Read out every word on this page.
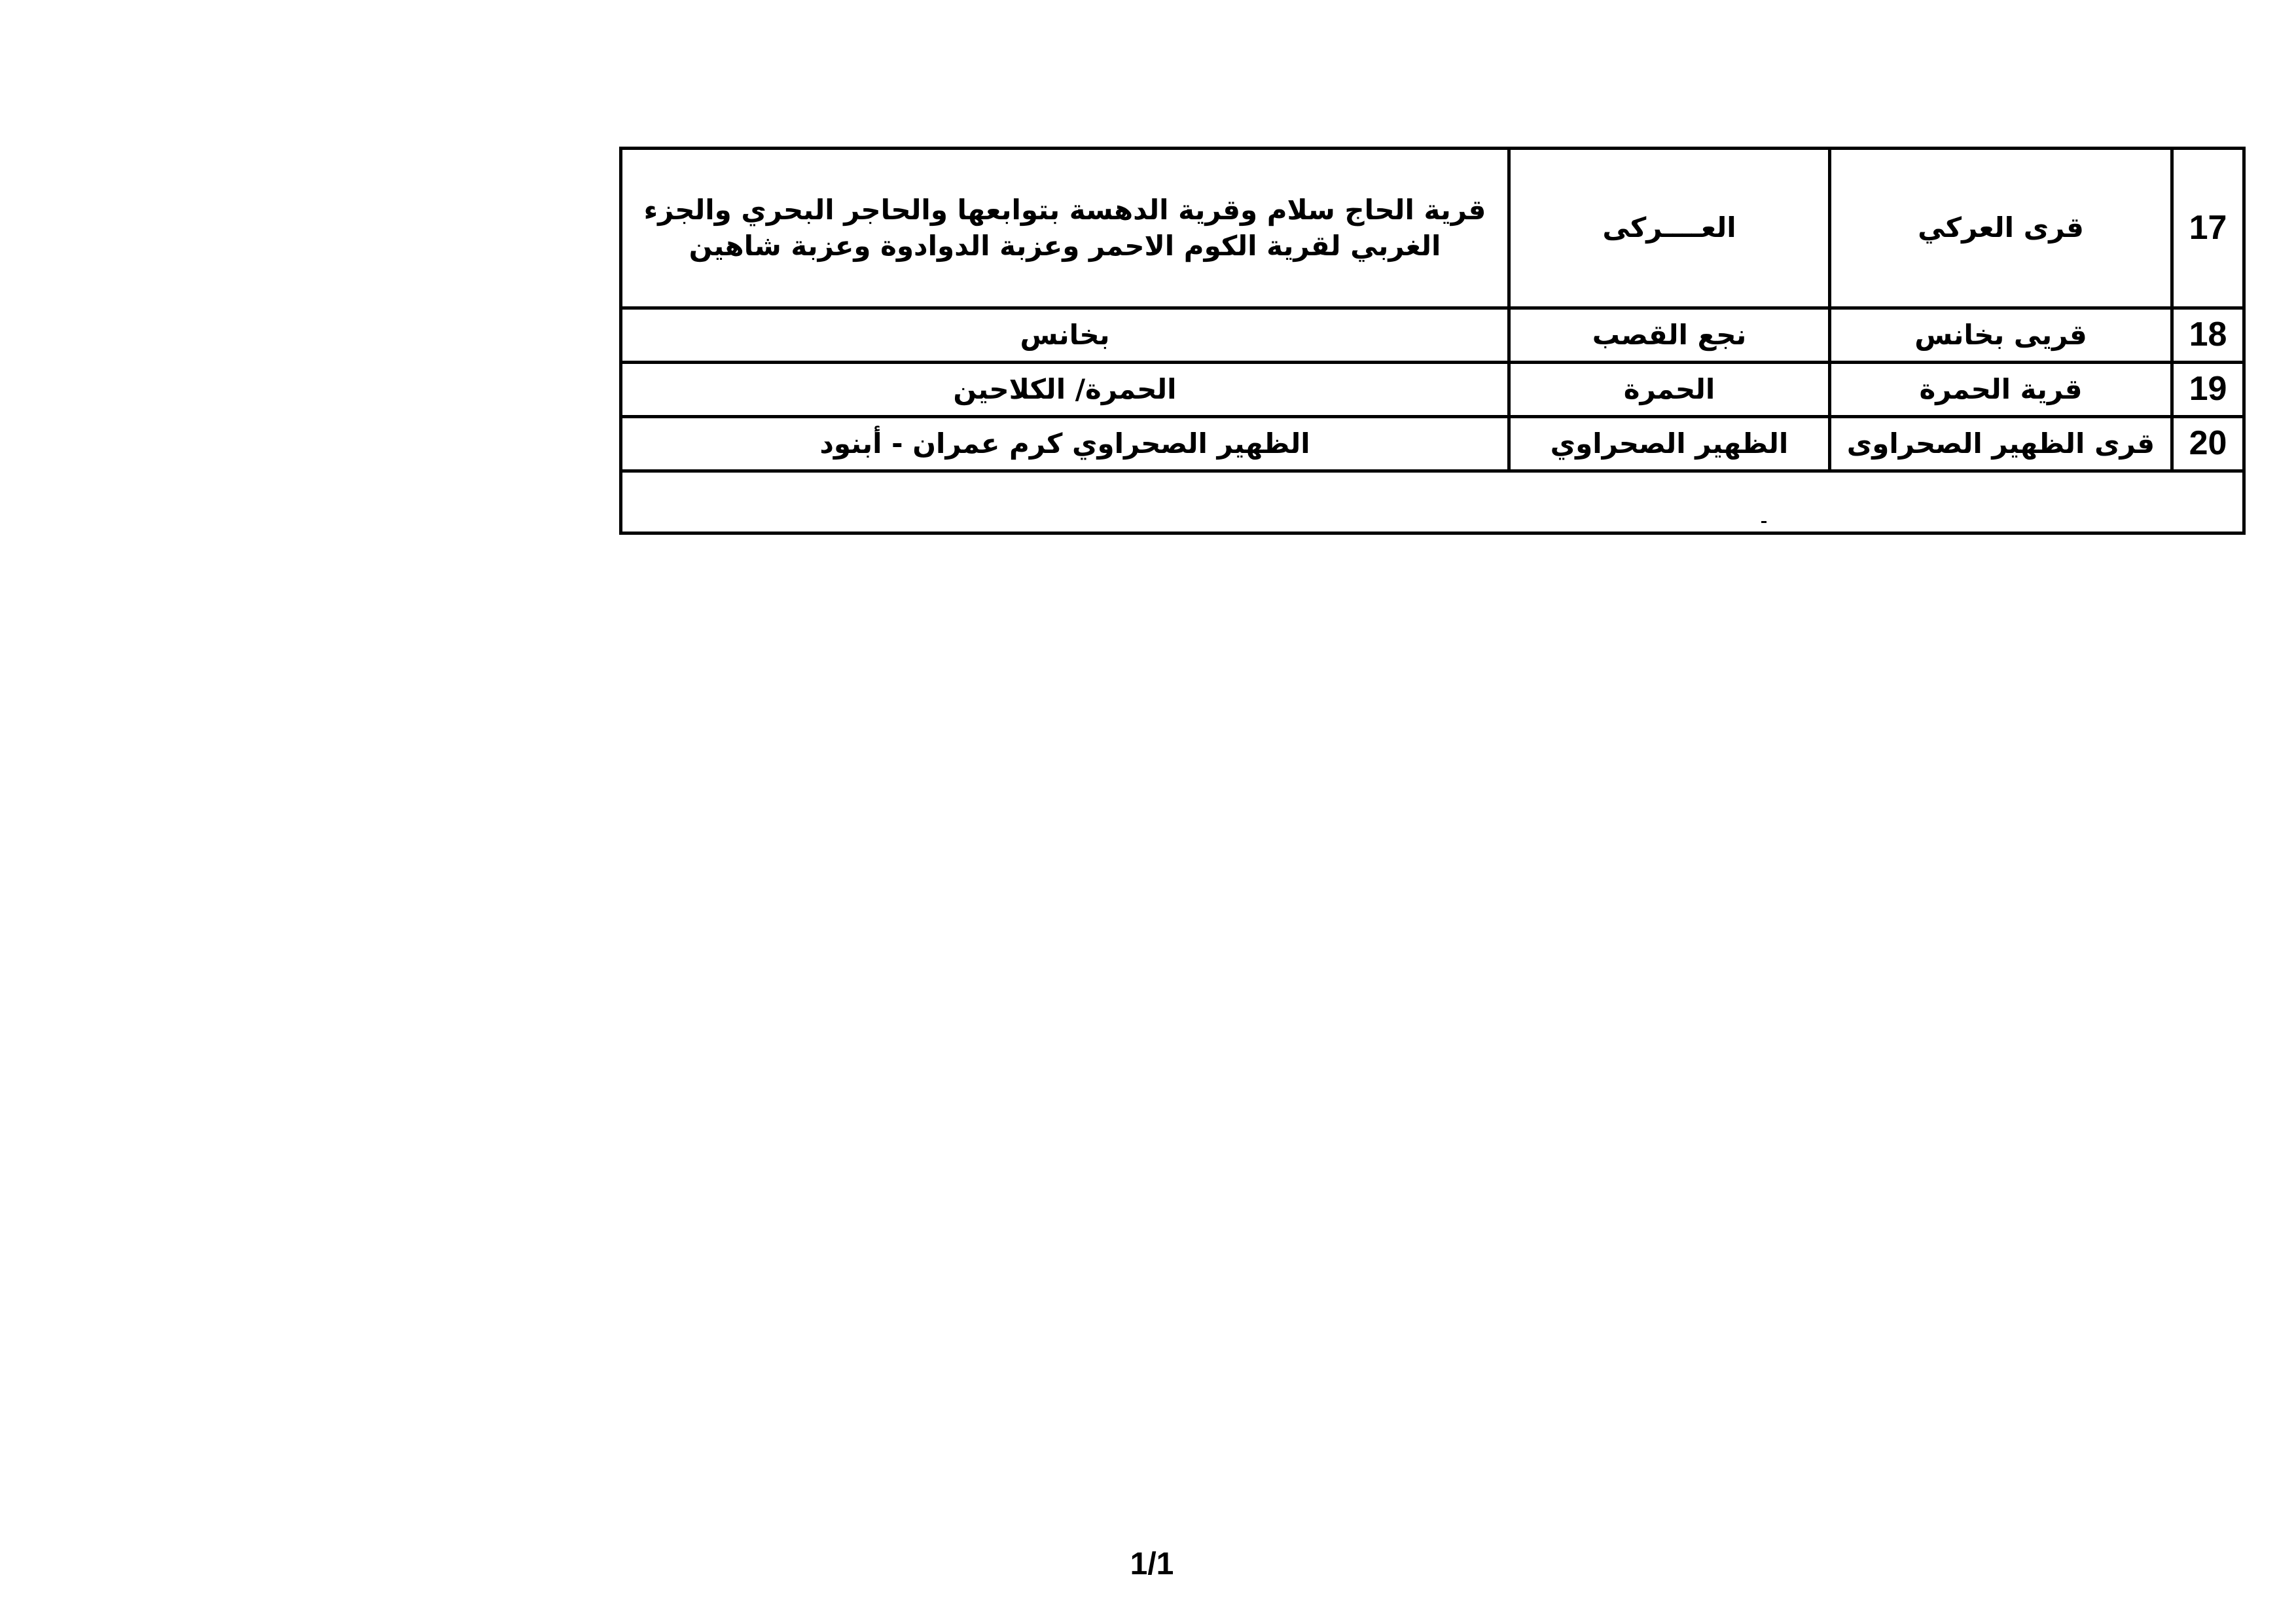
قرية الحاج سلام وقرية الدهسة بتوابعها والحاجر البحري والجزء الغربي لقرية الكوم الاحمر وعزبة الدوادوة وعزبة شاهين	العــــركى	قرى العركي	17
بخانس	نجع القصب	قريى بخانس	18
الحمرة/ الكلاحين	الحمرة	قرية الحمرة	19
الظهير الصحراوي كرم عمران - أبنود	الظهير الصحراوي	قرى الظهير الصحراوى	20

1/1
